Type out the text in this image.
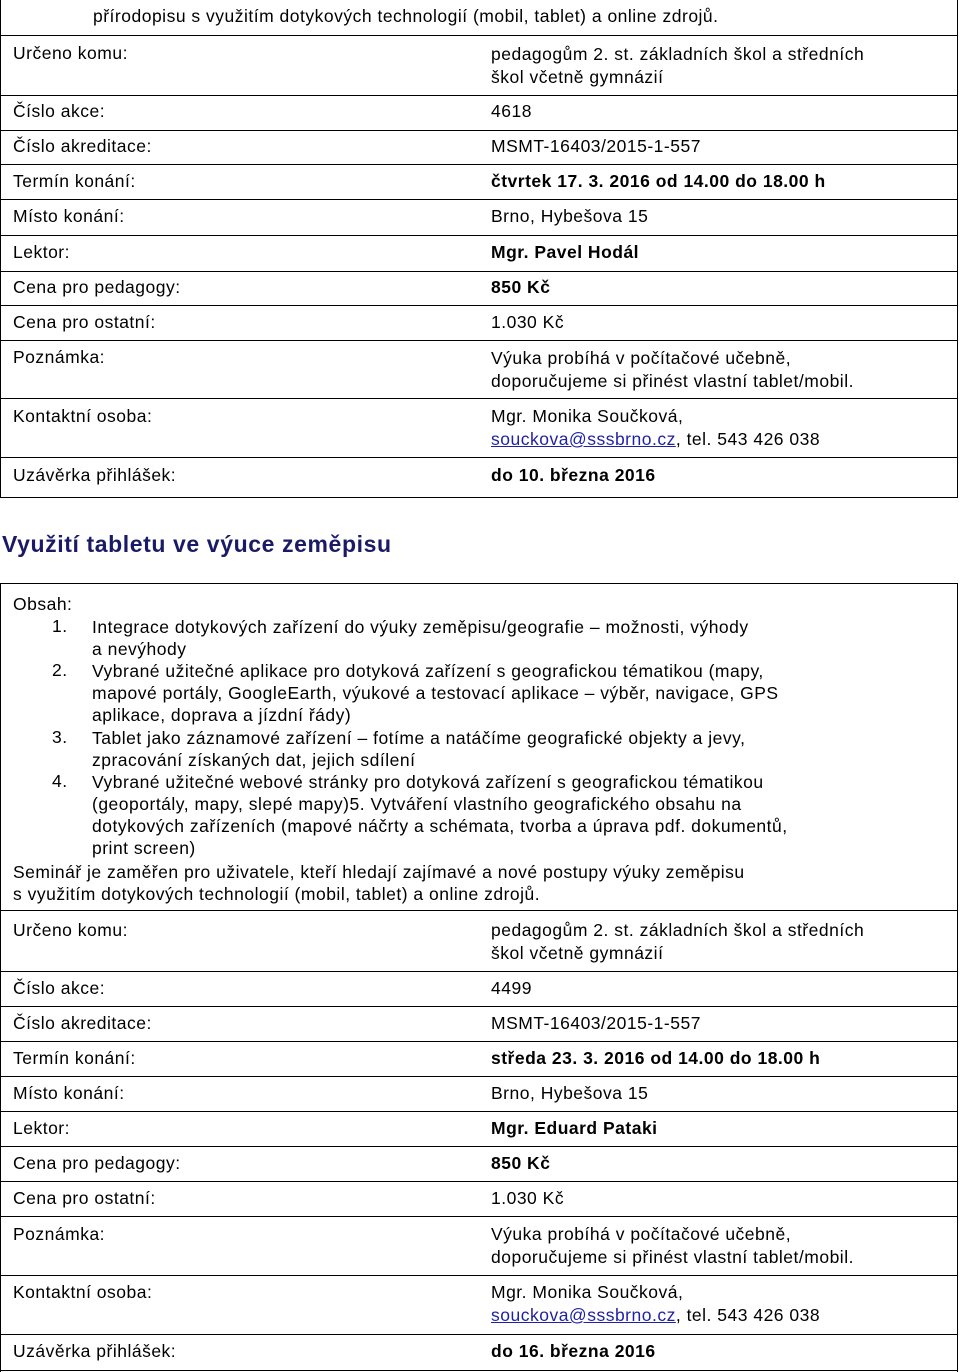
přírodopisu s využitím dotykových technologií (mobil, tablet) a online zdrojů.
Určeno komu:	pedagogům 2. st. základních škol a středních
škol včetně gymnázií
Číslo akce:	4618
Číslo akreditace:	MSMT-16403/2015-1-557
Termín konání:	čtvrtek 17. 3. 2016 od 14.00 do 18.00 h
Místo konání:	Brno, Hybešova 15
Lektor:	Mgr. Pavel Hodál
Cena pro pedagogy:	850 Kč
Cena pro ostatní:	1.030 Kč
Poznámka:	Výuka probíhá v počítačové učebně,
doporučujeme si přinést vlastní tablet/mobil.
Kontaktní osoba:	Mgr. Monika Součková,
souckova@sssbrno.cz, tel. 543 426 038
Uzávěrka přihlášek:	do 10. března 2016
Využití tabletu ve výuce zeměpisu
Obsah:
1. Integrace dotykových zařízení do výuky zeměpisu/geografie – možnosti, výhody
a nevýhody
2. Vybrané užitečné aplikace pro dotyková zařízení s geografickou tématikou (mapy,
mapové portály, GoogleEarth, výukové a testovací aplikace – výběr, navigace, GPS
aplikace, doprava a jízdní řády)
3. Tablet jako záznamové zařízení – fotíme a natáčíme geografické objekty a jevy,
zpracování získaných dat, jejich sdílení
4. Vybrané užitečné webové stránky pro dotyková zařízení s geografickou tématikou
(geoportály, mapy, slepé mapy)5. Vytváření vlastního geografického obsahu na
dotykových zařízeních (mapové náčrty a schémata, tvorba a úprava pdf. dokumentů,
print screen)
Seminář je zaměřen pro uživatele, kteří hledají zajímavé a nové postupy výuky zeměpisu
s využitím dotykových technologií (mobil, tablet) a online zdrojů.
Určeno komu:	pedagogům 2. st. základních škol a středních
škol včetně gymnázií
Číslo akce:	4499
Číslo akreditace:	MSMT-16403/2015-1-557
Termín konání:	středa 23. 3. 2016 od 14.00 do 18.00 h
Místo konání:	Brno, Hybešova 15
Lektor:	Mgr. Eduard Pataki
Cena pro pedagogy:	850 Kč
Cena pro ostatní:	1.030 Kč
Poznámka:	Výuka probíhá v počítačové učebně,
doporučujeme si přinést vlastní tablet/mobil.
Kontaktní osoba:	Mgr. Monika Součková,
souckova@sssbrno.cz, tel. 543 426 038
Uzávěrka přihlášek:	do 16. března 2016
